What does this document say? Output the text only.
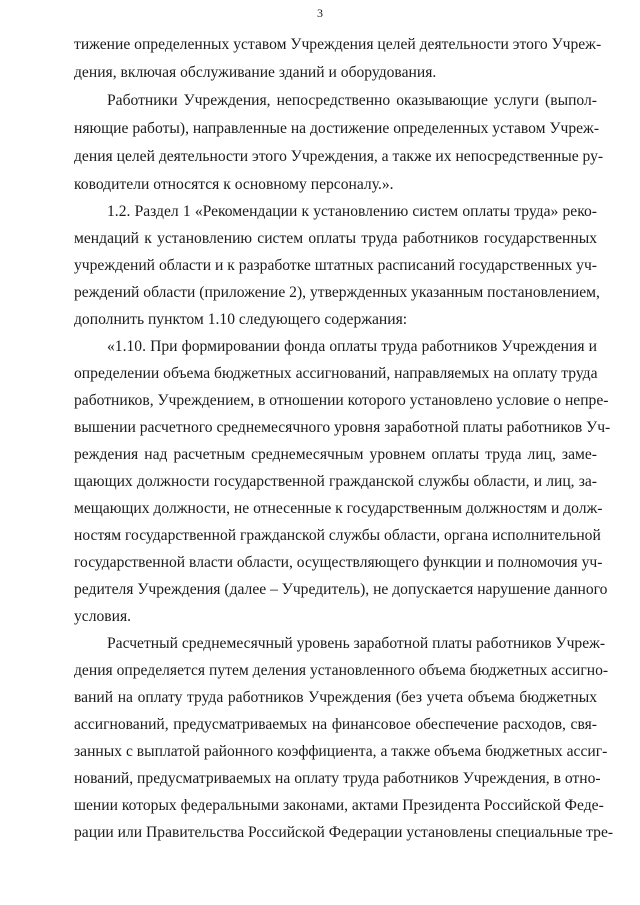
3
тижение определенных уставом Учреждения целей деятельности этого Учреж-
дения, включая обслуживание зданий и оборудования.
Работники Учреждения, непосредственно оказывающие услуги (выпол-
няющие работы), направленные на достижение определенных уставом Учреж-
дения целей деятельности этого Учреждения, а также их непосредственные ру-
ководители относятся к основному персоналу.».
1.2. Раздел 1 «Рекомендации к установлению систем оплаты труда» реко-
мендаций к установлению систем оплаты труда работников государственных
учреждений области и к разработке штатных расписаний государственных уч-
реждений области (приложение 2), утвержденных указанным постановлением,
дополнить пунктом 1.10 следующего содержания:
«1.10. При формировании фонда оплаты труда работников Учреждения и
определении объема бюджетных ассигнований, направляемых на оплату труда
работников, Учреждением, в отношении которого установлено условие о непре-
вышении расчетного среднемесячного уровня заработной платы работников Уч-
реждения над расчетным среднемесячным уровнем оплаты труда лиц, заме-
щающих должности государственной гражданской службы области, и лиц, за-
мещающих должности, не отнесенные к государственным должностям и долж-
ностям государственной гражданской службы области, органа исполнительной
государственной власти области, осуществляющего функции и полномочия уч-
редителя Учреждения (далее – Учредитель), не допускается нарушение данного
условия.
Расчетный среднемесячный уровень заработной платы работников Учреж-
дения определяется путем деления установленного объема бюджетных ассигно-
ваний на оплату труда работников Учреждения (без учета объема бюджетных
ассигнований, предусматриваемых на финансовое обеспечение расходов, свя-
занных с выплатой районного коэффициента, а также объема бюджетных ассиг-
нований, предусматриваемых на оплату труда работников Учреждения, в отно-
шении которых федеральными законами, актами Президента Российской Феде-
рации или Правительства Российской Федерации установлены специальные тре-
